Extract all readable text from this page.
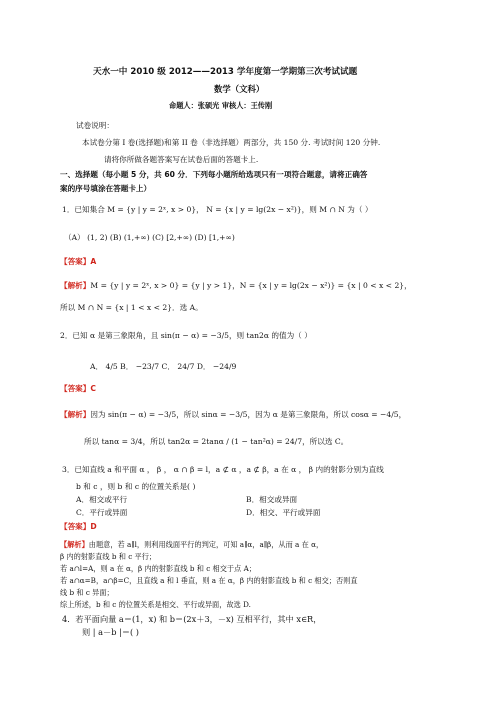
天水一中 2010 级 2012——2013 学年度第一学期第三次考试试题
数学（文科）
命题人：张硕光 审核人：王传刚
试卷说明：
本试卷分第 I 卷(选择题)和第 II 卷（非选择题）两部分，共 150 分. 考试时间 120 分钟.
请将你所做各题答案写在试卷后面的答题卡上.
一、选择题（每小题 5 分，共 60 分．下列每小题所给选项只有一项符合题意，请将正确答
案的序号填涂在答题卡上）
1．已知集合 M = {y | y = 2ˣ, x > 0}， N = {x | y = lg(2x − x²)}，则 M ∩ N 为（ ）
（A） (1, 2) (B) (1,+∞) (C) [2,+∞) (D) [1,+∞)
【答案】A
【解析】M = {y | y = 2ˣ, x > 0} = {y | y > 1}，N = {x | y = lg(2x − x²)} = {x | 0 < x < 2}，
所以 M ∩ N = {x | 1 < x < 2}．选 A。
2．已知 α 是第三象限角，且 sin(π − α) = −3/5，则 tan2α 的值为（ ）
A． 4/5 B． −23/7 C． 24/7 D． −24/9
【答案】C
【解析】因为 sin(π − α) = −3/5，所以 sinα = −3/5，因为 α 是第三象限角，所以 cosα = −4/5，
所以 tanα = 3/4，所以 tan2α = 2tanα / (1 − tan²α) = 24/7，所以选 C。
3．已知直线 a 和平面 α ， β ， α ∩ β = l，a ⊄ α ，a ⊄ β，a 在 α ， β 内的射影分别为直线
b 和 c ，则 b 和 c 的位置关系是( )
A．相交或平行	B．相交或异面
C．平行或异面	D．相交、平行或异面
【答案】D
【解析】由题意，若 a∥l，则利用线面平行的判定，可知 a∥α，a∥β，从而 a 在 α，
β 内的射影直线 b 和 c 平行；
若 a∩l=A，则 a 在 α，β 内的射影直线 b 和 c 相交于点 A；
若 a∩α=B，a∩β=C，且直线 a 和 l 垂直，则 a 在 α，β 内的射影直线 b 和 c 相交；否则直
线 b 和 c 异面；
综上所述，b 和 c 的位置关系是相交、平行或异面，故选 D.
4．若平面向量 a＝(1，x) 和 b＝(2x＋3，－x) 互相平行，其中 x∈R，
则 | a－b |＝( )
